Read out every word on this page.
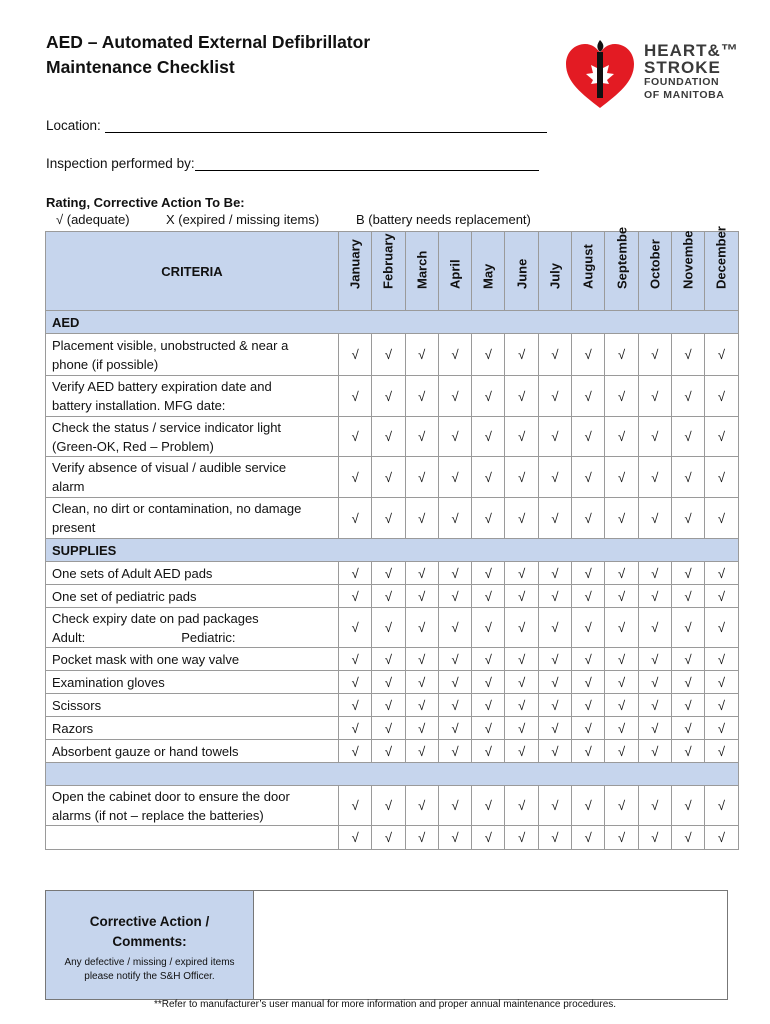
AED – Automated External Defibrillator
Maintenance Checklist
HEART&™
STROKE
FOUNDATION
OF MANITOBA
Location:
Inspection performed by:
Rating, Corrective Action To Be:
√ (adequate)	X (expired / missing items)	B (battery needs replacement)
CRITERIA	January	February	March	April	May	June	July	August	Septembe	October	Novembe	December

AED												

Placement visible, unobstructed & near a
phone (if possible)	√	√	√	√	√	√	√	√	√	√	√	√

Verify AED battery expiration date and
battery installation. MFG date:	√	√	√	√	√	√	√	√	√	√	√	√

Check the status / service indicator light
(Green-OK, Red – Problem)	√	√	√	√	√	√	√	√	√	√	√	√

Verify absence of visual / audible service
alarm	√	√	√	√	√	√	√	√	√	√	√	√

Clean, no dirt or contamination, no damage
present	√	√	√	√	√	√	√	√	√	√	√	√
SUPPLIES												

One sets of Adult AED pads	√	√	√	√	√	√	√	√	√	√	√	√

One set of pediatric pads	√	√	√	√	√	√	√	√	√	√	√	√

Check expiry date on pad packages
Adult: Pediatric:	√	√	√	√	√	√	√	√	√	√	√	√

Pocket mask with one way valve	√	√	√	√	√	√	√	√	√	√	√	√

Examination gloves	√	√	√	√	√	√	√	√	√	√	√	√

Scissors	√	√	√	√	√	√	√	√	√	√	√	√

Razors	√	√	√	√	√	√	√	√	√	√	√	√

Absorbent gauze or hand towels	√	√	√	√	√	√	√	√	√	√	√	√

Open the cabinet door to ensure the door
alarms (if not – replace the batteries)	√	√	√	√	√	√	√	√	√	√	√	√
	√	√	√	√	√	√	√	√	√	√	√	√
Corrective Action /
Comments:
Any defective / missing / expired items
please notify the S&H Officer.
**Refer to manufacturer’s user manual for more information and proper annual maintenance procedures.
